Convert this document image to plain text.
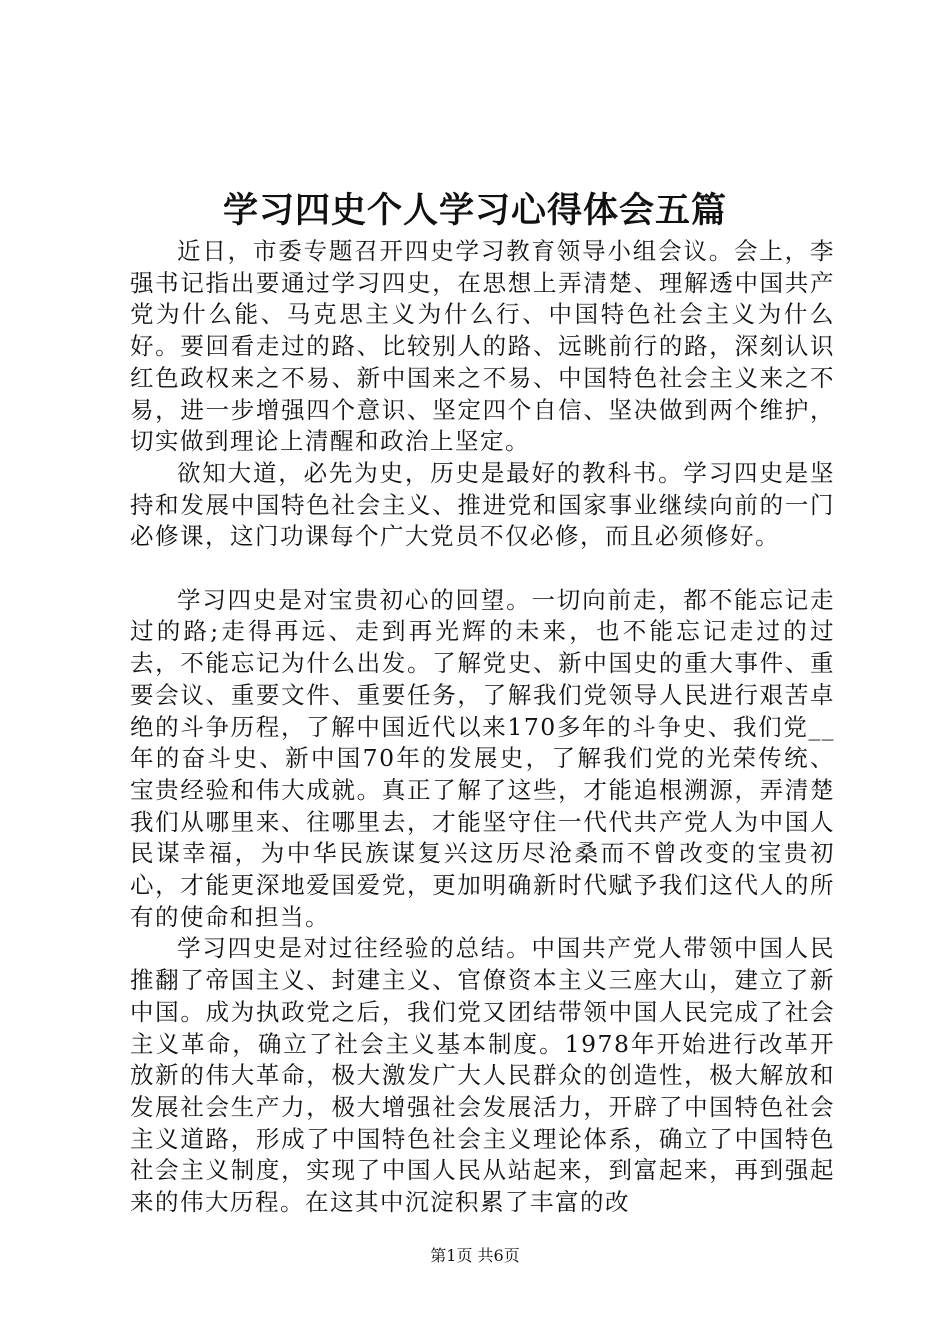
学习四史个人学习心得体会五篇

近日，市委专题召开四史学习教育领导小组会议。会上，李强书记指出要通过学习四史，在思想上弄清楚、理解透中国共产党为什么能、马克思主义为什么行、中国特色社会主义为什么好。要回看走过的路、比较别人的路、远眺前行的路，深刻认识红色政权来之不易、新中国来之不易、中国特色社会主义来之不易，进一步增强四个意识、坚定四个自信、坚决做到两个维护，切实做到理论上清醒和政治上坚定。

欲知大道，必先为史，历史是最好的教科书。学习四史是坚持和发展中国特色社会主义、推进党和国家事业继续向前的一门必修课，这门功课每个广大党员不仅必修，而且必须修好。

学习四史是对宝贵初心的回望。一切向前走，都不能忘记走过的路;走得再远、走到再光辉的未来，也不能忘记走过的过去，不能忘记为什么出发。了解党史、新中国史的重大事件、重要会议、重要文件、重要任务，了解我们党领导人民进行艰苦卓绝的斗争历程，了解中国近代以来170多年的斗争史、我们党__年的奋斗史、新中国70年的发展史，了解我们党的光荣传统、宝贵经验和伟大成就。真正了解了这些，才能追根溯源，弄清楚我们从哪里来、往哪里去，才能坚守住一代代共产党人为中国人民谋幸福，为中华民族谋复兴这历尽沧桑而不曾改变的宝贵初心，才能更深地爱国爱党，更加明确新时代赋予我们这代人的所有的使命和担当。

学习四史是对过往经验的总结。中国共产党人带领中国人民推翻了帝国主义、封建主义、官僚资本主义三座大山，建立了新中国。成为执政党之后，我们党又团结带领中国人民完成了社会主义革命，确立了社会主义基本制度。1978年开始进行改革开放新的伟大革命，极大激发广大人民群众的创造性，极大解放和发展社会生产力，极大增强社会发展活力，开辟了中国特色社会主义道路，形成了中国特色社会主义理论体系，确立了中国特色社会主义制度，实现了中国人民从站起来，到富起来，再到强起来的伟大历程。在这其中沉淀积累了丰富的改

第1页 共6页
